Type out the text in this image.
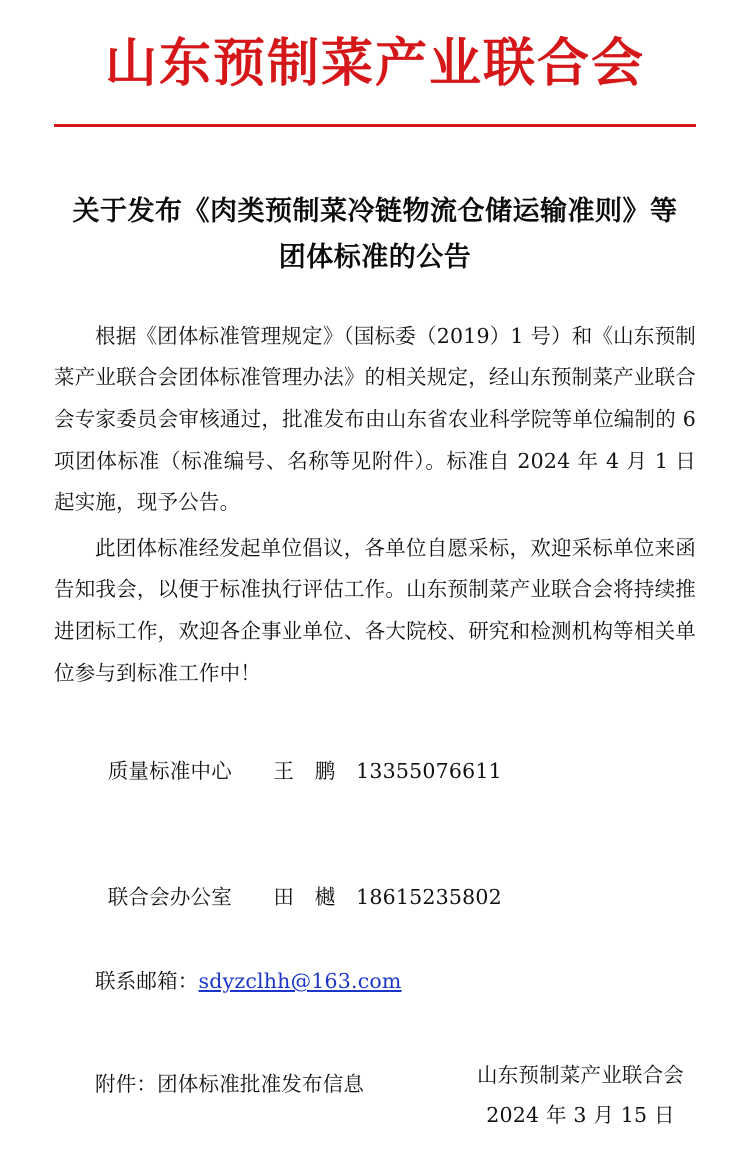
山东预制菜产业联合会
关于发布《肉类预制菜冷链物流仓储运输准则》等团体标准的公告

根据《团体标准管理规定》（国标委（2019）1 号）和《山东预制菜产业联合会团体标准管理办法》的相关规定，经山东预制菜产业联合会专家委员会审核通过，批准发布由山东省农业科学院等单位编制的 6 项团体标准（标准编号、名称等见附件）。标准自 2024 年 4 月 1 日起实施，现予公告。

此团体标准经发起单位倡议，各单位自愿采标，欢迎采标单位来函告知我会，以便于标准执行评估工作。山东预制菜产业联合会将持续推进团标工作，欢迎各企事业单位、各大院校、研究和检测机构等相关单位参与到标准工作中！

质量标准中心　　 王　鹏　 13355076611

联合会办公室　　 田　樾　 18615235802

联系邮箱：sdyzclhh@163.com
附件：团体标准批准发布信息	山东预制菜产业联合会
2024 年 3 月 15 日
